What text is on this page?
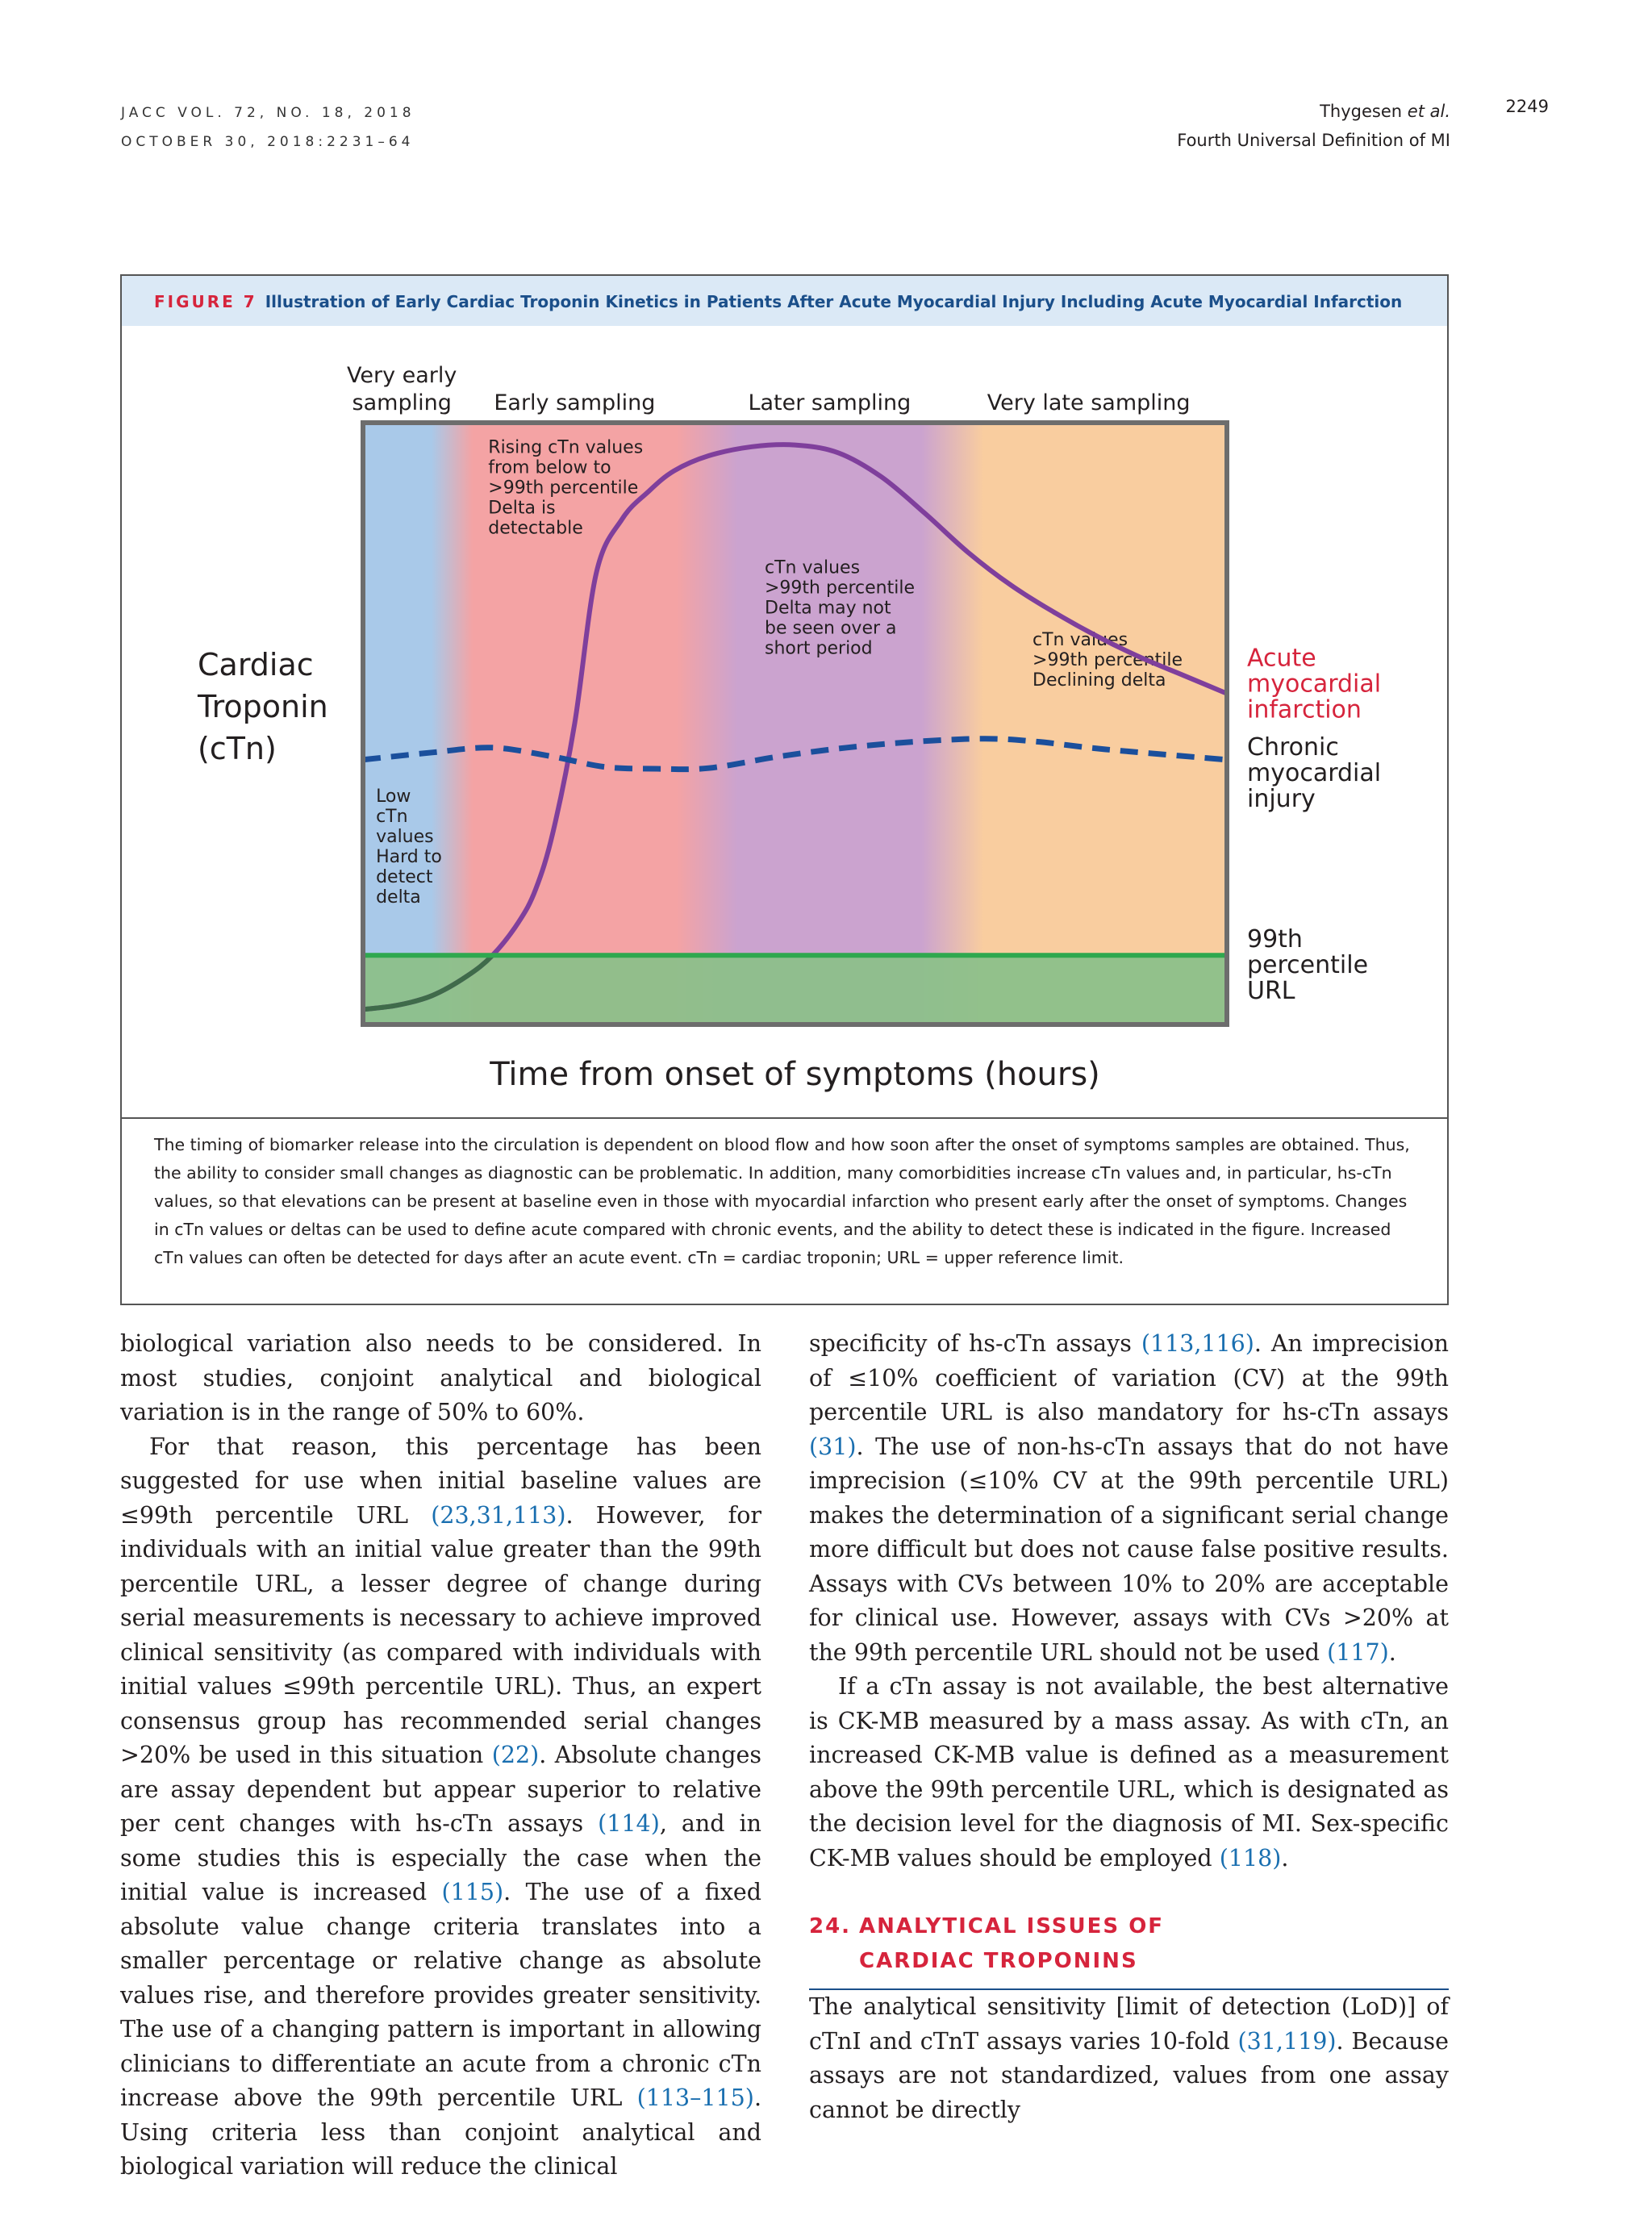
JACC VOL. 72, NO. 18, 2018
OCTOBER 30, 2018:2231–64
Thygesen et al.
Fourth Universal Definition of MI
2249
FIGURE 7 Illustration of Early Cardiac Troponin Kinetics in Patients After Acute Myocardial Injury Including Acute Myocardial Infarction
Very early sampling Early sampling	Later sampling	Very late sampling
Low cTn values Hard to detect delta
Rising cTn values from below to >99th percentile Delta is detectable
cTn values >99th percentile Delta may not be seen over a short period	cTn values >99th percentile Declining delta
Acute myocardial infarction
Chronic myocardial injury
99th percentile URL
Time from onset of symptoms (hours)
Cardiac Troponin (cTn)
The timing of biomarker release into the circulation is dependent on blood flow and how soon after the onset of symptoms samples are obtained. Thus, the ability to consider small changes as diagnostic can be problematic. In addition, many comorbidities increase cTn values and, in particular, hs-cTn values, so that elevations can be present at baseline even in those with myocardial infarction who present early after the onset of symptoms. Changes in cTn values or deltas can be used to define acute compared with chronic events, and the ability to detect these is indicated in the figure. Increased cTn values can often be detected for days after an acute event. cTn = cardiac troponin; URL = upper reference limit.

biological variation also needs to be considered. In most studies, conjoint analytical and biological variation is in the range of 50% to 60%.

For that reason, this percentage has been suggested for use when initial baseline values are ≤99th percentile URL (23,31,113). However, for individuals with an initial value greater than the 99th percentile URL, a lesser degree of change during serial measurements is necessary to achieve improved clinical sensitivity (as compared with individuals with initial values ≤99th percentile URL). Thus, an expert consensus group has recommended serial changes >20% be used in this situation (22). Absolute changes are assay dependent but appear superior to relative per cent changes with hs-cTn assays (114), and in some studies this is especially the case when the initial value is increased (115). The use of a fixed absolute value change criteria translates into a smaller percentage or relative change as absolute values rise, and therefore provides greater sensitivity. The use of a changing pattern is important in allowing clinicians to differentiate an acute from a chronic cTn increase above the 99th percentile URL (113–115). Using criteria less than conjoint analytical and biological variation will reduce the clinical

specificity of hs-cTn assays (113,116). An imprecision of ≤10% coefficient of variation (CV) at the 99th percentile URL is also mandatory for hs-cTn assays (31). The use of non-hs-cTn assays that do not have imprecision (≤10% CV at the 99th percentile URL) makes the determination of a significant serial change more difficult but does not cause false positive results. Assays with CVs between 10% to 20% are acceptable for clinical use. However, assays with CVs >20% at the 99th percentile URL should not be used (117).

If a cTn assay is not available, the best alternative is CK-MB measured by a mass assay. As with cTn, an increased CK-MB value is defined as a measurement above the 99th percentile URL, which is designated as the decision level for the diagnosis of MI. Sex-specific CK-MB values should be employed (118).

24. ANALYTICAL ISSUES OF
CARDIAC TROPONINS

The analytical sensitivity [limit of detection (LoD)] of cTnI and cTnT assays varies 10-fold (31,119). Because assays are not standardized, values from one assay cannot be directly
